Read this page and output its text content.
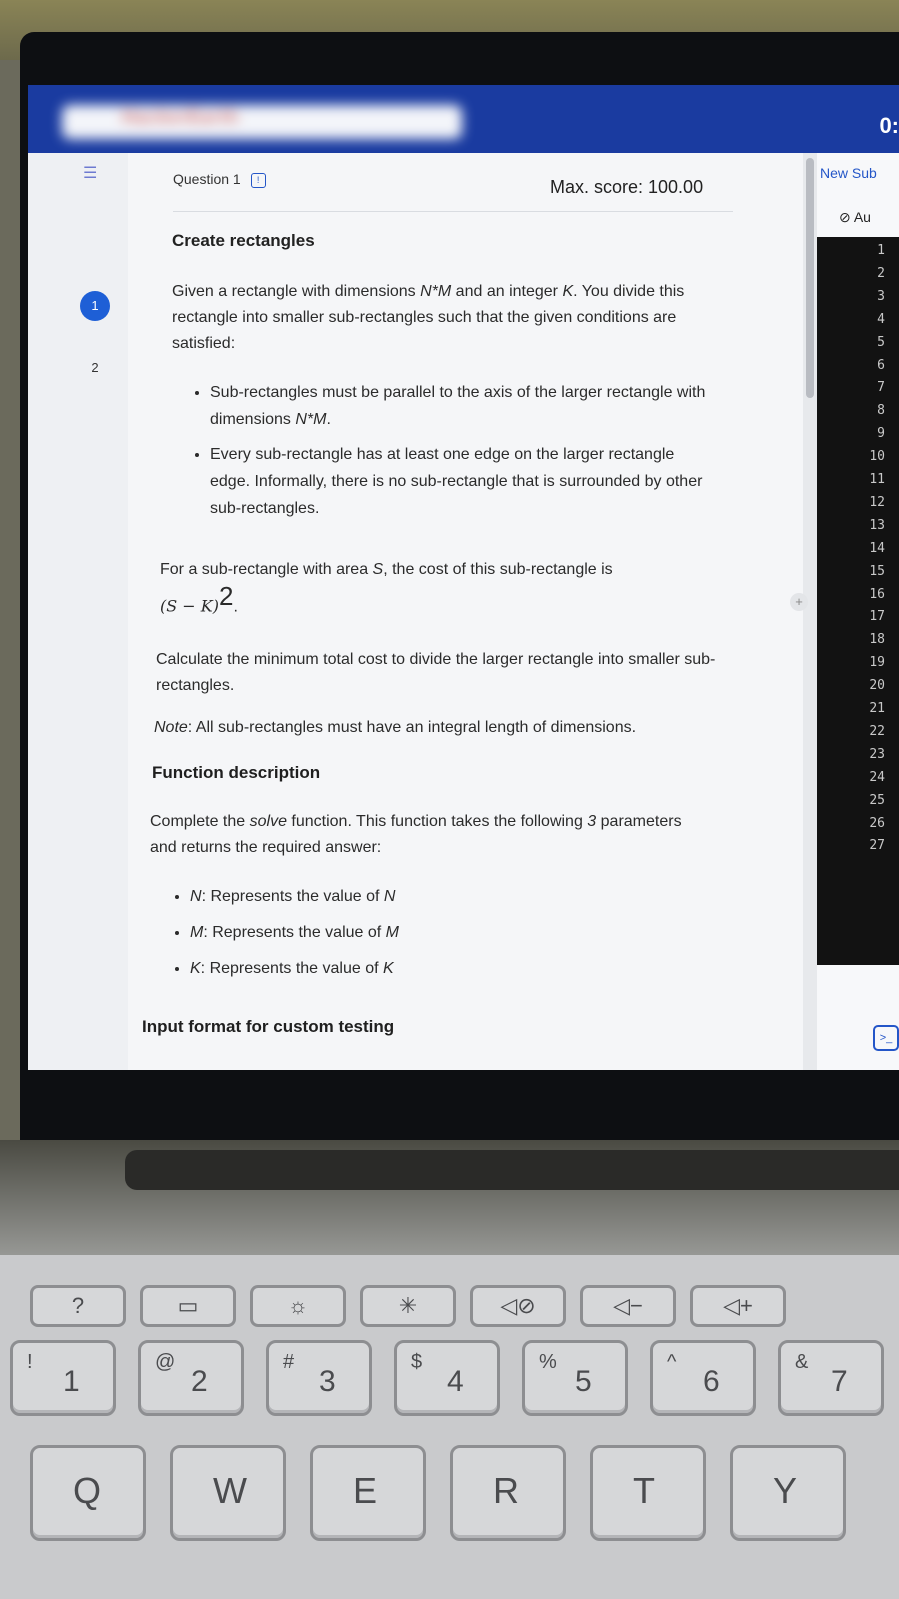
HackerEarth	0:
☰
1
2
Question 1 !	Max. score: 100.00
Create rectangles

Given a rectangle with dimensions N*M and an integer K. You divide this rectangle into smaller sub-rectangles such that the given conditions are satisfied:

• Sub-rectangles must be parallel to the axis of the larger rectangle with dimensions N*M.
• Every sub-rectangle has at least one edge on the larger rectangle edge. Informally, there is no sub-rectangle that is surrounded by other sub-rectangles.

For a sub-rectangle with area S, the cost of this sub-rectangle is
$(S - K)^2$.

Calculate the minimum total cost to divide the larger rectangle into smaller sub-rectangles.

Note: All sub-rectangles must have an integral length of dimensions.

Function description

Complete the solve function. This function takes the following 3 parameters and returns the required answer:

• N: Represents the value of N
• M: Represents the value of M
• K: Represents the value of K
Input format for custom testing
+
New Sub
⊘ Au
1
2
3
4
5
6
7
8
9
10
11
12
13
14
15
16
17
18
19
20
21
22
23
24
25
26
27
>_
?	▭	☼	✳	◁⊘	◁−	◁+
!
1
@
2
#
3
$
4
%
5
^
6
&
7
Q	W	E	R	T	Y
